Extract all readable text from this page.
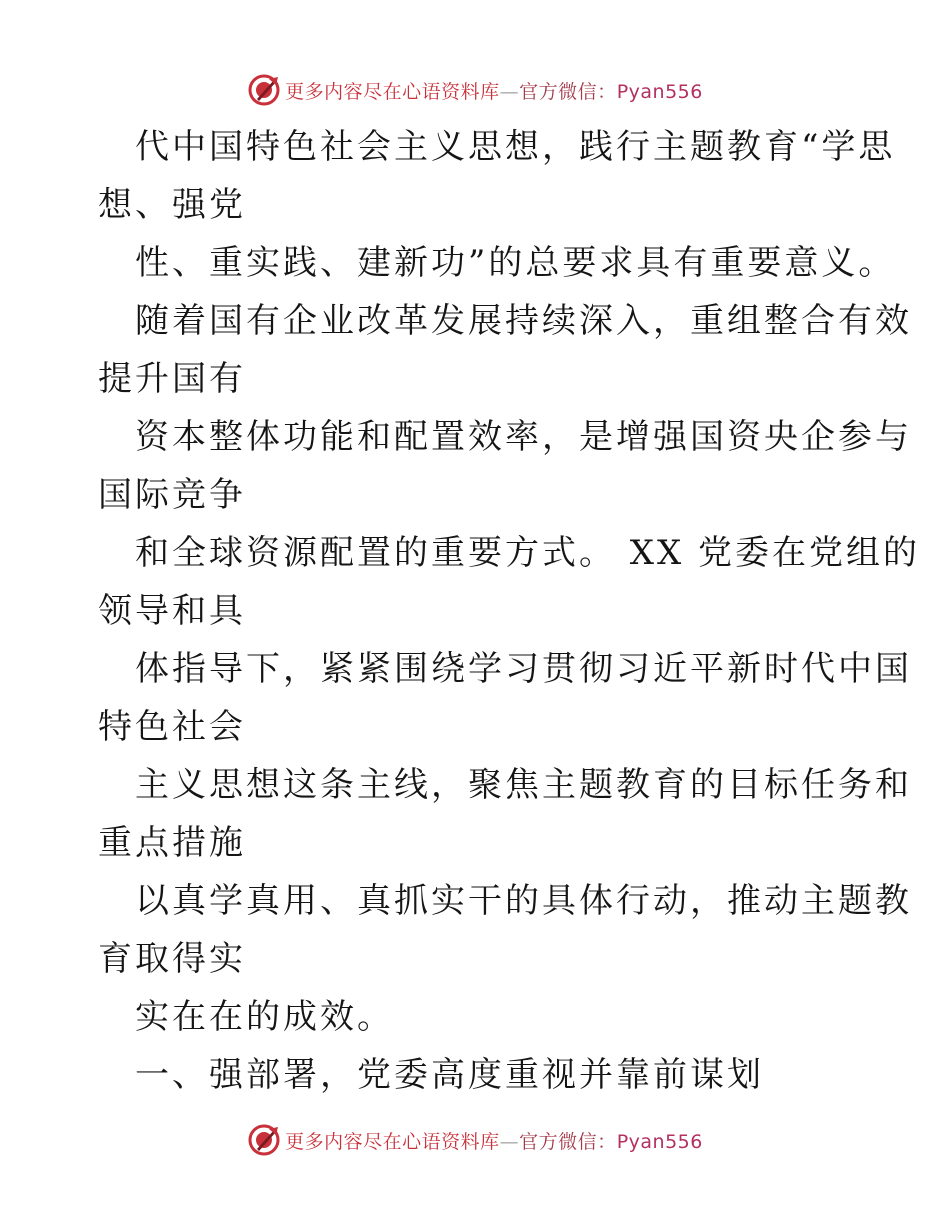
更多内容尽在心语资料库—官方微信：Pyan556
代中国特色社会主义思想，践行主题教育“学思
想、强党
性、重实践、建新功”的总要求具有重要意义。
随着国有企业改革发展持续深入，重组整合有效
提升国有
资本整体功能和配置效率，是增强国资央企参与
国际竞争
和全球资源配置的重要方式。 XX 党委在党组的
领导和具
体指导下，紧紧围绕学习贯彻习近平新时代中国
特色社会
主义思想这条主线，聚焦主题教育的目标任务和
重点措施
以真学真用、真抓实干的具体行动，推动主题教
育取得实
实在在的成效。
一、强部署，党委高度重视并靠前谋划
更多内容尽在心语资料库—官方微信：Pyan556
